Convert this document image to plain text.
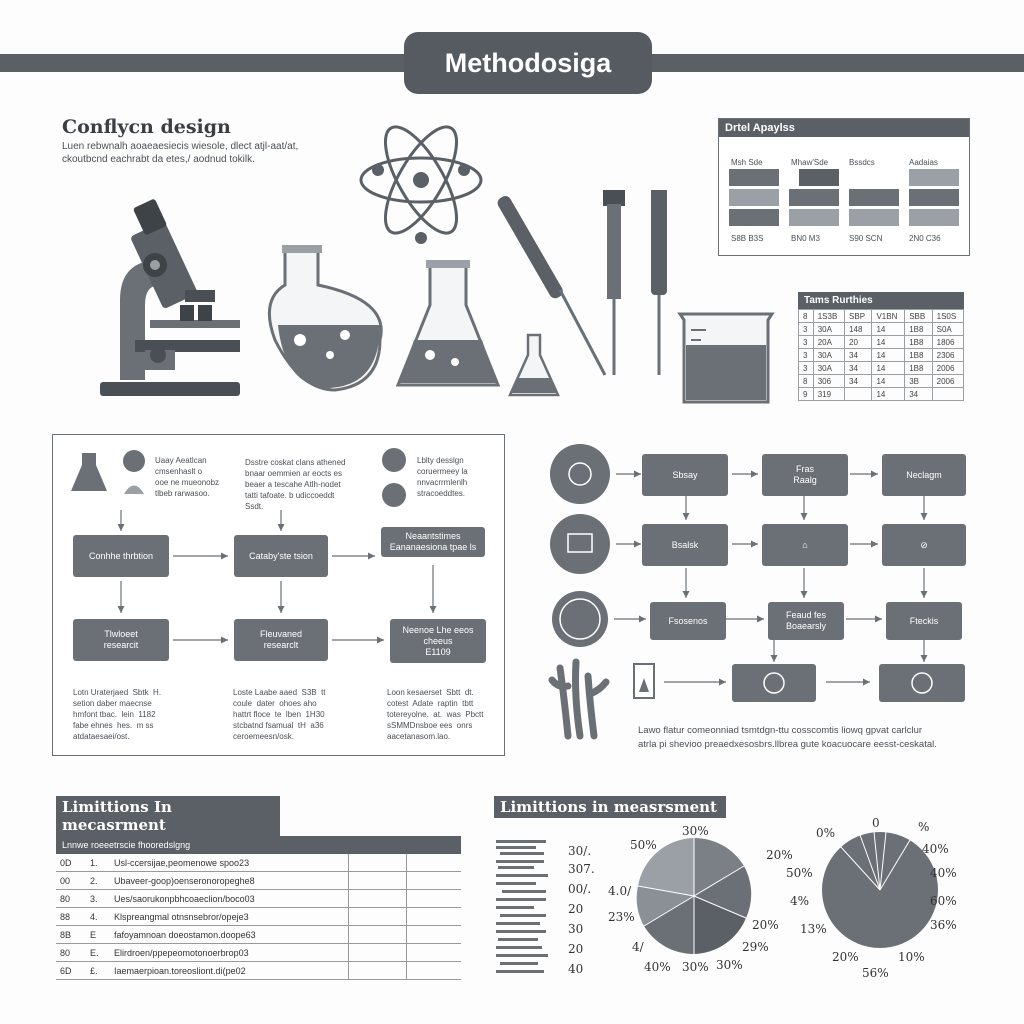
Methodosiga
Conflycn design
Luen rebwnalh aoaeaesiecis wiesole, dlect atjl-aat/at,
ckoutbcnd eachrabt da etes,/ aodnud tokilk.
Drtel Apaylss
Msh Sde	Mhaw'Sde	Bssdcs	Aadaias
S8B B3S	BN0 M3	S90 SCN	2N0 C36
Tams Rurthies
8	1S3B	SBP	V1BN	SBB	1S0S
3	30A	148	14	1B8	S0A
3	20A	20	14	1B8	1806
3	30A	34	14	1B8	2306
3	30A	34	14	1B8	2006
8	306	34	14	3B	2006
9	319		14	34	
Uaay Aeatlcan
cmsenhaslt o
ooe ne mueonobz
tlbeb rarwasoo.
Dsstre coskat clans athened
bnaar oemmien ar eocts es
beaer a tescahe Atlh-nodet
tatti tafoate. b udiccoeddt
Ssdt.
Lblty desslgn
coruermeey la
nnvacrrmlenlh
stracoeddtes.
Conhhe thrbtion	Cataby'ste tsion
Neaantstimes
Eananaesiona tpae ls
Tlwloeet
researcit
Fleuvaned
researclt
Neenoe Lhe eeos
cheeus
E1109
Lotn Uraterjaed  Sbtk  H.
setion daber maecnse
hmfont tbac.  lein  1182
fabe ehnes  hes.  m ss
atdataesaei/ost.
Loste Laabe aaed  S3B  tt
coule  dater  ohoes aho
hattrt floce  te  lben  1H30
stcbatnd fsamual  tH  a36
ceroemeesn/osk.
Loon kesaerset  Sbtt  dt.
cotest  Adate  raptin  tbtt
totereyolne.  at.  was  Pbctt
sSMMDnsboe ees  onrs
aacetanasom.lao.
Sbsay
Fras
Raalg
Neclagm
Bsalsk	⌂	⊘
Fsosenos
Feaud fes
Boaearsly
Fteckis
Lawo flatur comeonniad tsmtdgn-ttu cosscomtis liowq gpvat carlclur
atrla pi shevioo preaedxesosbrs.llbrea gute koacuocare eesst-ceskatal.
Limittions In mecasrment
Lnnwe roeeetrscie fhooredslgng
0D	1.	Usl-ccersijae,peomenowe spoo23		
00	2.	Ubaveer-goop)oenseronoropeghe8		
80	3.	Ues/saorukonpbhcoaeclion/boco03		
88	4.	Klspreangmal otnsnsebror/opeje3		
8B	E	fafoyamnoan doeostamon.doope63		
80	E.	Elirdroen/ppepeomotonoerbrop03		
6D	£.	Iaemaerpioan.toreosliont.di(pe02		
Limittions in measrsment
30/.
307.
00/.
20
30
20
40
30%
50%
20%
4.0/
23%
20%
4/	29%
40% 30% 30%
0%
0	%
40%
50%	40%
4%	60%
13%	36%
20%	10%
56%
